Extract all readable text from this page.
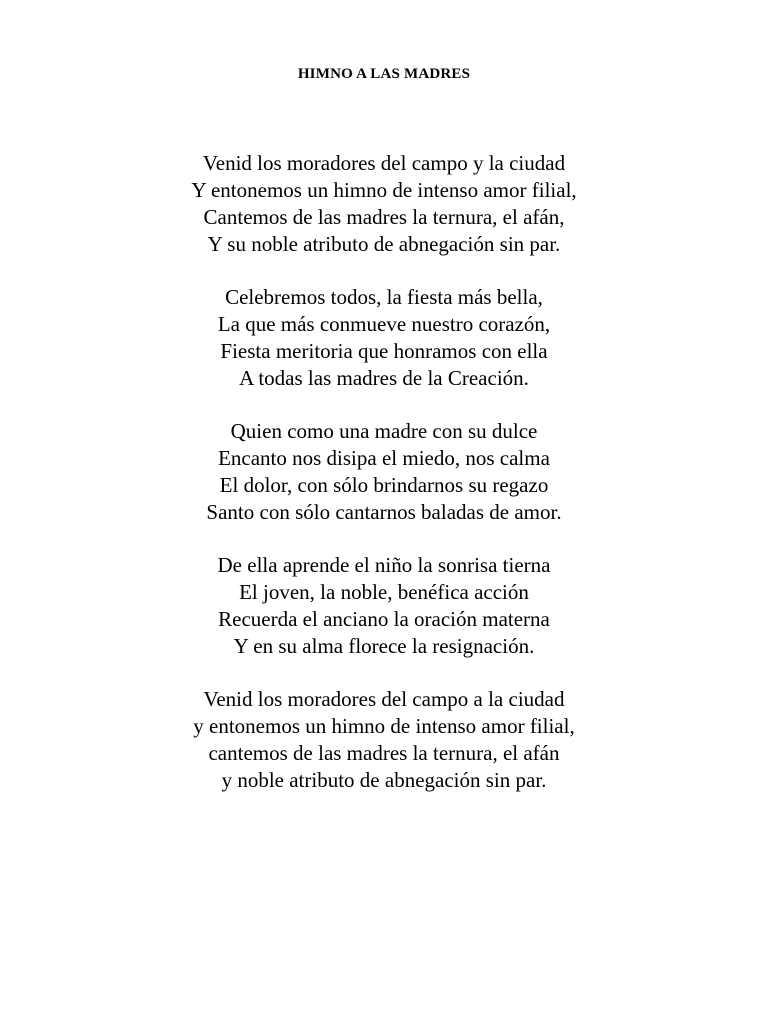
HIMNO A LAS MADRES
Venid los moradores del campo y la ciudad
Y entonemos un himno de intenso amor filial,
Cantemos de las madres la ternura, el afán,
Y su noble atributo de abnegación sin par.
Celebremos todos, la fiesta más bella,
La que más conmueve nuestro corazón,
Fiesta meritoria que honramos con ella
A todas las madres de la Creación.
Quien como una madre con su dulce
Encanto nos disipa el miedo, nos calma
El dolor, con sólo brindarnos su regazo
Santo con sólo cantarnos baladas de amor.
De ella aprende el niño la sonrisa tierna
El joven, la noble, benéfica acción
Recuerda el anciano la oración materna
Y en su alma florece la resignación.
Venid los moradores del campo a la ciudad
y entonemos un himno de intenso amor filial,
cantemos de las madres la ternura, el afán
y noble atributo de abnegación sin par.
